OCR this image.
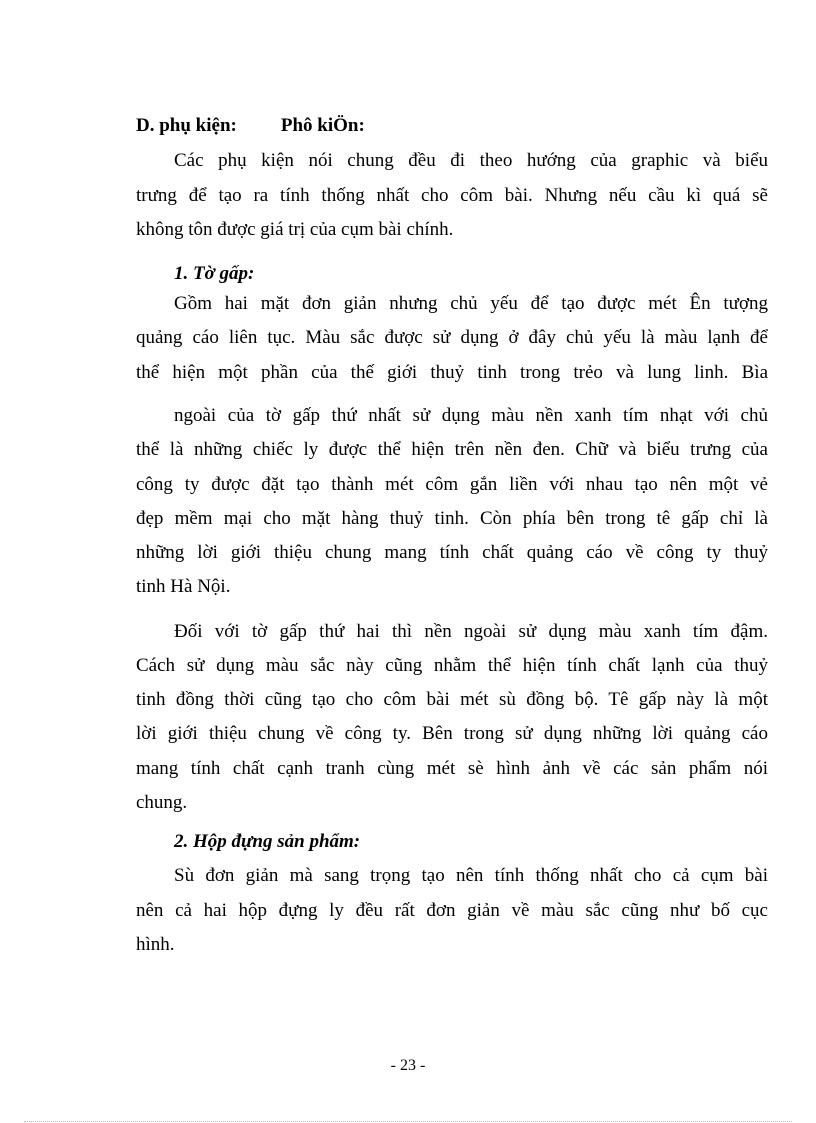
D. phụ kiện: Phô kiÖn:
Các phụ kiện nói chung đều đi theo hướng của graphic và biểu
trưng để tạo ra tính thống nhất cho côm bài. Nhưng nếu cầu kì quá sẽ
không tôn được giá trị của cụm bài chính.
1. Tờ gấp:
Gồm hai mặt đơn giản nhưng chủ yếu để tạo được mét Ên tượng
quảng cáo liên tục. Màu sắc được sử dụng ở đây chủ yếu là màu lạnh để
thể hiện một phần của thế giới thuỷ tinh trong trẻo và lung linh. Bìa
ngoài của tờ gấp thứ nhất sử dụng màu nền xanh tím nhạt với chủ
thể là những chiếc ly được thể hiện trên nền đen. Chữ và biểu trưng của
công ty được đặt tạo thành mét côm gắn liền với nhau tạo nên một vẻ
đẹp mềm mại cho mặt hàng thuỷ tinh. Còn phía bên trong tê gấp chỉ là
những lời giới thiệu chung mang tính chất quảng cáo về công ty thuỷ
tinh Hà Nội.
Đối với tờ gấp thứ hai thì nền ngoài sử dụng màu xanh tím đậm.
Cách sử dụng màu sắc này cũng nhằm thể hiện tính chất lạnh của thuỷ
tinh đồng thời cũng tạo cho côm bài mét sù đồng bộ. Tê gấp này là một
lời giới thiệu chung về công ty. Bên trong sử dụng những lời quảng cáo
mang tính chất cạnh tranh cùng mét sè hình ảnh về các sản phẩm nói
chung.
2. Hộp đựng sản phẩm:
Sù đơn giản mà sang trọng tạo nên tính thống nhất cho cả cụm bài
nên cả hai hộp đựng ly đều rất đơn giản về màu sắc cũng như bố cục
hình.
- 23 -
